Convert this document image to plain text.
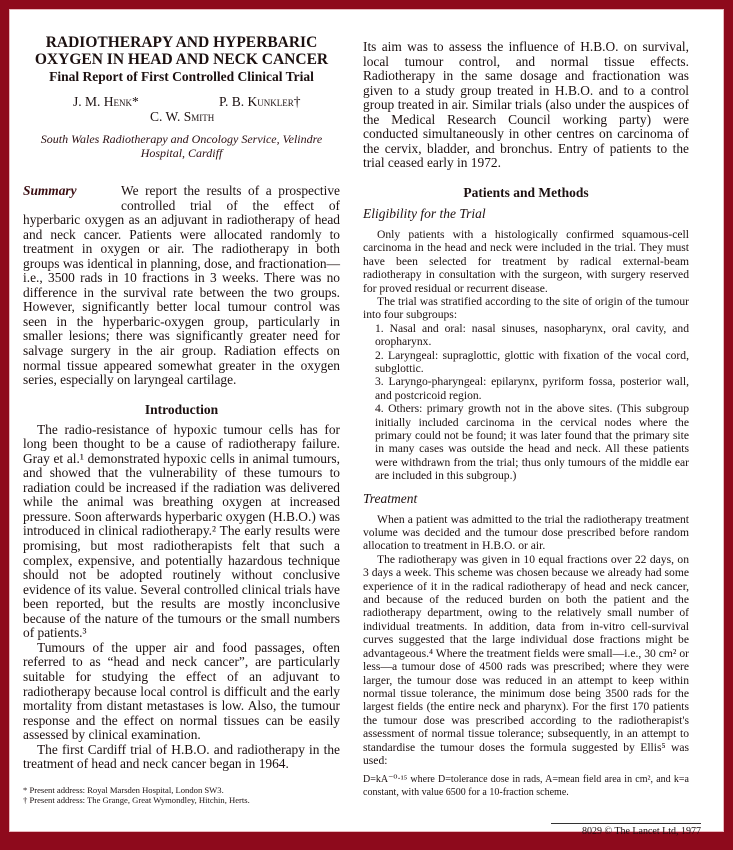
RADIOTHERAPY AND HYPERBARIC

OXYGEN IN HEAD AND NECK CANCER

Final Report of First Controlled Clinical Trial

J. M. Henk*	P. B. Kunkler†
C. W. Smith

South Wales Radiotherapy and Oncology Service, Velindre Hospital, Cardiff

Summary	We report the results of a prospective controlled trial of the effect of hyperbaric oxygen as an adjuvant in radiotherapy of head and neck cancer. Patients were allocated randomly to treatment in oxygen or air. The radiotherapy in both groups was identical in planning, dose, and fractionation—i.e., 3500 rads in 10 fractions in 3 weeks. There was no difference in the survival rate between the two groups. However, significantly better local tumour control was seen in the hyperbaric-oxygen group, particularly in smaller lesions; there was significantly greater need for salvage surgery in the air group. Radiation effects on normal tissue appeared somewhat greater in the oxygen series, especially on laryngeal cartilage.

Introduction

The radio-resistance of hypoxic tumour cells has for long been thought to be a cause of radiotherapy failure. Gray et al.¹ demonstrated hypoxic cells in animal tumours, and showed that the vulnerability of these tumours to radiation could be increased if the radiation was delivered while the animal was breathing oxygen at increased pressure. Soon afterwards hyperbaric oxygen (H.B.O.) was introduced in clinical radiotherapy.² The early results were promising, but most radiotherapists felt that such a complex, expensive, and potentially hazardous technique should not be adopted routinely without conclusive evidence of its value. Several controlled clinical trials have been reported, but the results are mostly inconclusive because of the nature of the tumours or the small numbers of patients.³

Tumours of the upper air and food passages, often referred to as “head and neck cancer”, are particularly suitable for studying the effect of an adjuvant to radiotherapy because local control is difficult and the early mortality from distant metastases is low. Also, the tumour response and the effect on normal tissues can be easily assessed by clinical examination.

The first Cardiff trial of H.B.O. and radiotherapy in the treatment of head and neck cancer began in 1964.

* Present address: Royal Marsden Hospital, London SW3.
† Present address: The Grange, Great Wymondley, Hitchin, Herts.

Its aim was to assess the influence of H.B.O. on survival, local tumour control, and normal tissue effects. Radiotherapy in the same dosage and fractionation was given to a study group treated in H.B.O. and to a control group treated in air. Similar trials (also under the auspices of the Medical Research Council working party) were conducted simultaneously in other centres on carcinoma of the cervix, bladder, and bronchus. Entry of patients to the trial ceased early in 1972.

Patients and Methods
Eligibility for the Trial

Only patients with a histologically confirmed squamous-cell carcinoma in the head and neck were included in the trial. They must have been selected for treatment by radical external-beam radiotherapy in consultation with the surgeon, with surgery reserved for proved residual or recurrent disease.

The trial was stratified according to the site of origin of the tumour into four subgroups:

1. Nasal and oral: nasal sinuses, nasopharynx, oral cavity, and oropharynx.

2. Laryngeal: supraglottic, glottic with fixation of the vocal cord, subglottic.

3. Laryngo-pharyngeal: epilarynx, pyriform fossa, posterior wall, and postcricoid region.

4. Others: primary growth not in the above sites. (This subgroup initially included carcinoma in the cervical nodes where the primary could not be found; it was later found that the primary site in many cases was outside the head and neck. All these patients were withdrawn from the trial; thus only tumours of the middle ear are included in this subgroup.)

Treatment

When a patient was admitted to the trial the radiotherapy treatment volume was decided and the tumour dose prescribed before random allocation to treatment in H.B.O. or air.

The radiotherapy was given in 10 equal fractions over 22 days, on 3 days a week. This scheme was chosen because we already had some experience of it in the radical radiotherapy of head and neck cancer, and because of the reduced burden on both the patient and the radiotherapy department, owing to the relatively small number of individual treatments. In addition, data from in-vitro cell-survival curves suggested that the large individual dose fractions might be advantageous.⁴ Where the treatment fields were small—i.e., 30 cm² or less—a tumour dose of 4500 rads was prescribed; where they were larger, the tumour dose was reduced in an attempt to keep within normal tissue tolerance, the minimum dose being 3500 rads for the largest fields (the entire neck and pharynx). For the first 170 patients the tumour dose was prescribed according to the radiotherapist's assessment of normal tissue tolerance; subsequently, in an attempt to standardise the tumour doses the formula suggested by Ellis⁵ was used:

D=kA⁻⁰·¹⁵ where D=tolerance dose in rads, A=mean field area in cm², and k=a constant, with value 6500 for a 10-fraction scheme.

8029 © The Lancet Ltd, 1977
